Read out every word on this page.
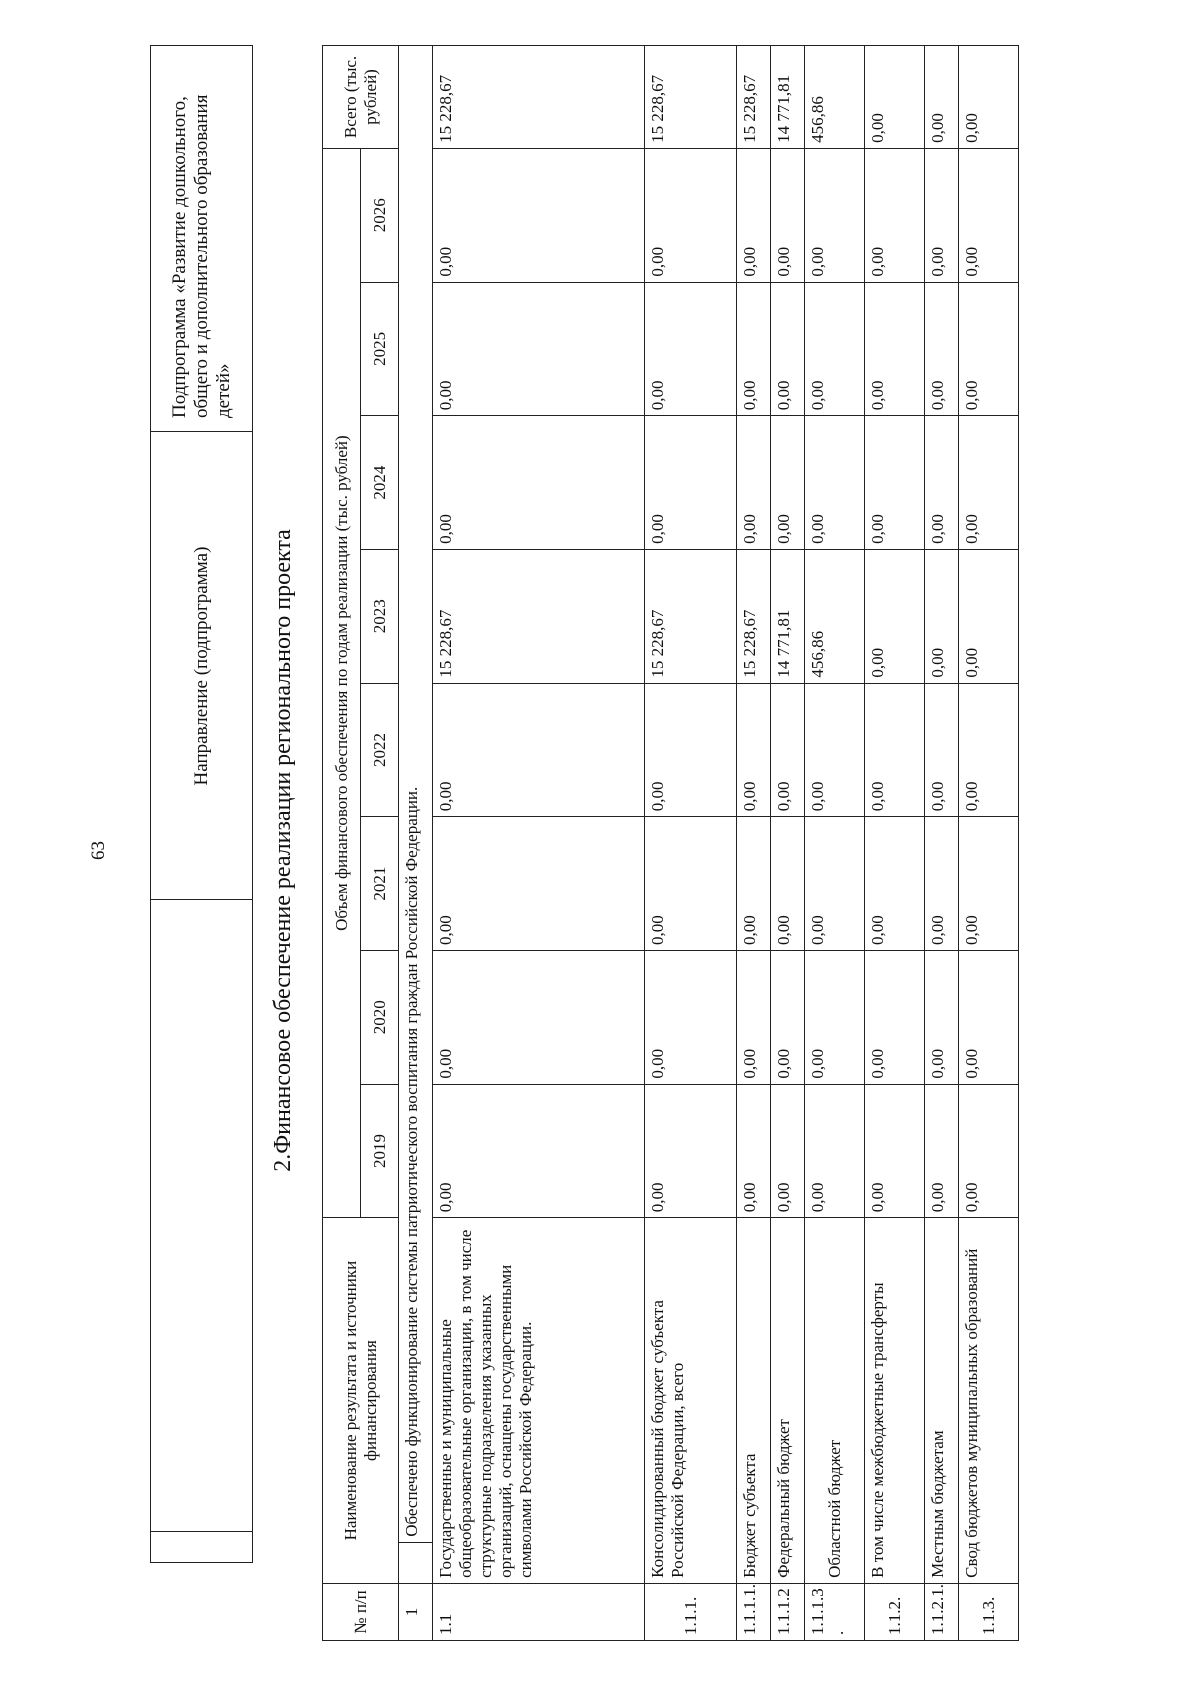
63
Направление (подпрограмма)
Подпрограмма «Развитие дошкольного, общего и дополнительного образования детей»
2.Финансовое обеспечение реализации регионального проекта
№ п/п	Наименование результата и источники финансирования		Объем финансового обеспечения по годам реализации (тыс. рублей)								Всего (тыс. рублей)
			2019	2020	2021	2022	2023	2024	2025	2026	
1		Обеспечено функционирование системы патриотического воспитания граждан Российской Федерации.									
1.1	Государственные и муниципальные общеобразовательные организации, в том числе структурные подразделения указанных организаций, оснащены государственными символами Российской Федерации.		0,00	0,00	0,00	0,00	15 228,67	0,00	0,00	0,00	15 228,67
1.1.1.	Консолидированный бюджет субъекта Российской Федерации, всего		0,00	0,00	0,00	0,00	15 228,67	0,00	0,00	0,00	15 228,67
1.1.1.1.	Бюджет субъекта		0,00	0,00	0,00	0,00	15 228,67	0,00	0,00	0,00	15 228,67
1.1.1.2	Федеральный бюджет		0,00	0,00	0,00	0,00	14 771,81	0,00	0,00	0,00	14 771,81
1.1.1.3 .	Областной бюджет		0,00	0,00	0,00	0,00	456,86	0,00	0,00	0,00	456,86
1.1.2.	В том числе межбюджетные трансферты		0,00	0,00	0,00	0,00	0,00	0,00	0,00	0,00	0,00
1.1.2.1.	Местным бюджетам		0,00	0,00	0,00	0,00	0,00	0,00	0,00	0,00	0,00
1.1.3.	Свод бюджетов муниципальных образований		0,00	0,00	0,00	0,00	0,00	0,00	0,00	0,00	0,00
